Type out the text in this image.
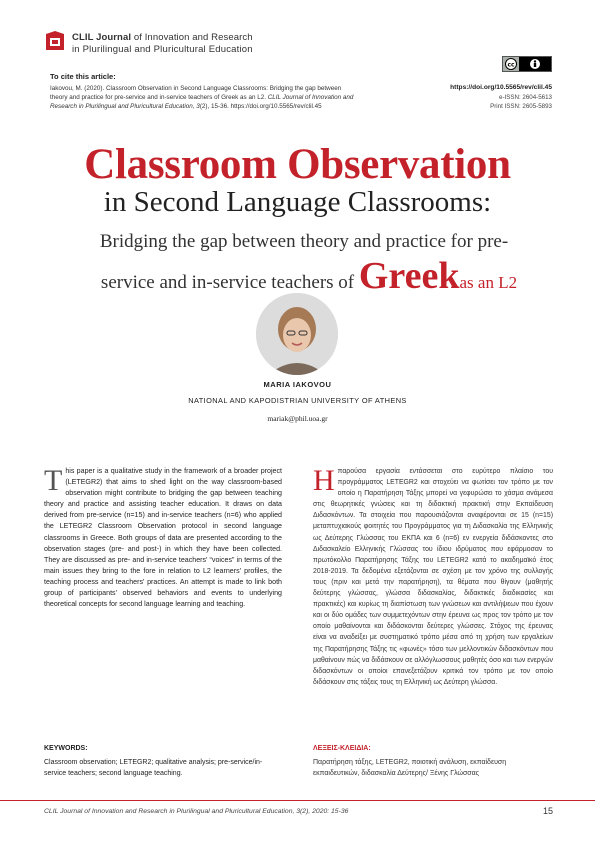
CLIL Journal of Innovation and Research
in Plurilingual and Pluricultural Education
To cite this article:
Iakovou, M. (2020). Classroom Observation in Second Language Classrooms: Bridging the gap between theory and practice for pre-service and in-service teachers of Greek as an L2. CLIL Journal of Innovation and Research in Plurilingual and Pluricultural Education, 3(2), 15-36. https://doi.org/10.5565/rev/clil.45
cc
https://doi.org/10.5565/rev/clil.45
e-ISSN: 2604-5613
Print ISSN: 2605-5893
Classroom Observation
in Second Language Classrooms:
Bridging the gap between theory and practice for pre-
service and in-service teachers of Greekas an L2
MARIA IAKOVOU
NATIONAL AND KAPODISTRIAN UNIVERSITY OF ATHENS
mariak@phil.uoa.gr
This paper is a qualitative study in the framework of a broader project (LETEGR2) that aims to shed light on the way classroom-based observation might contribute to bridging the gap between teaching theory and practice and assisting teacher education. It draws on data derived from pre-service (n=15) and in-service teachers (n=6) who applied the LETEGR2 Classroom Observation protocol in second language classrooms in Greece. Both groups of data are presented according to the observation stages (pre- and post-) in which they have been collected. They are discussed as pre- and in-service teachers' “voices” in terms of the main issues they bring to the fore in relation to L2 learners' profiles, the teaching process and teachers' practices. An attempt is made to link both group of participants' observed behaviors and events to underlying theoretical concepts for second language learning and teaching.
Ηπαρούσα εργασία εντάσσεται στο ευρύτερο πλαίσιο του προγράμματος LETEGR2 και στοχεύει να φωτίσει τον τρόπο με τον οποίο η Παρατήρηση Τάξης μπορεί να γεφυρώσει το χάσμα ανάμεσα στις θεωρητικές γνώσεις και τη διδακτική πρακτική στην Εκπαίδευση Διδασκόντων. Τα στοιχεία που παρουσιάζονται αναφέρονται σε 15 (n=15) μεταπτυχιακούς φοιτητές του Προγράμματος για τη Διδασκαλία της Ελληνικής ως Δεύτερης Γλώσσας του ΕΚΠΑ και 6 (n=6) εν ενεργεία διδάσκοντες στο Διδασκαλείο Ελληνικής Γλώσσας του ίδιου ιδρύματος που εφάρμοσαν το πρωτόκολλο Παρατήρησης Τάξης του LETEGR2 κατά το ακαδημαϊκό έτος 2018-2019. Τα δεδομένα εξετάζονται σε σχέση με τον χρόνο της συλλογής τους (πριν και μετά την παρατήρηση), τα θέματα που θίγουν (μαθητής δεύτερης γλώσσας, γλώσσα διδασκαλίας, διδακτικές διαδικασίες και πρακτικές) και κυρίως τη διαπίστωση των γνώσεων και αντιλήψεων που έχουν και οι δύο ομάδες των συμμετεχόντων στην έρευνα ως προς τον τρόπο με τον οποίο μαθαίνονται και διδάσκονται δεύτερες γλώσσες. Στόχος της έρευνας είναι να αναδείξει με συστηματικό τρόπο μέσα από τη χρήση των εργαλείων της Παρατήρησης Τάξης τις «φωνές» τόσο των μελλοντικών διδασκόντων που μαθαίνουν πώς να διδάσκουν σε αλλόγλωσσους μαθητές όσο και των ενεργών διδασκόντων οι οποίοι επανεξετάζουν κριτικά τον τρόπο με τον οποίο διδάσκουν στις τάξεις τους τη Ελληνική ως Δεύτερη γλώσσα.
KEYWORDS:
Classroom observation; LETEGR2; qualitative analysis; pre-service/in-service teachers; second language teaching.
ΛΕΞΕΙΣ-ΚΛΕΙΔΙΑ:
Παρατήρηση τάξης, LETEGR2, ποιοτική ανάλυση, εκπαίδευση εκπαιδευτικών, διδασκαλία Δεύτερης/ Ξένης Γλώσσας
CLIL Journal of Innovation and Research in Plurilingual and Pluricultural Education, 3(2), 2020: 15-36	15
